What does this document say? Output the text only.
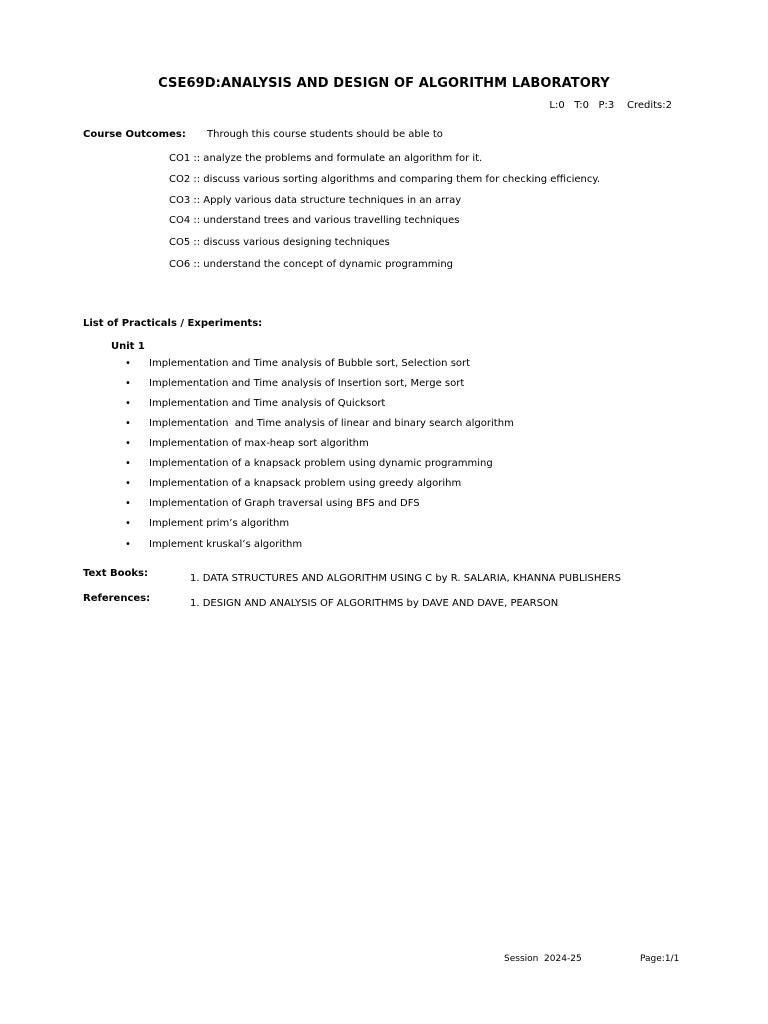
CSE69D:ANALYSIS AND DESIGN OF ALGORITHM LABORATORY
L:0   T:0   P:3    Credits:2
Course Outcomes: Through this course students should be able to
CO1 :: analyze the problems and formulate an algorithm for it.
CO2 :: discuss various sorting algorithms and comparing them for checking efficiency.
CO3 :: Apply various data structure techniques in an array
CO4 :: understand trees and various travelling techniques
CO5 :: discuss various designing techniques
CO6 :: understand the concept of dynamic programming
List of Practicals / Experiments:
Unit 1
• Implementation and Time analysis of Bubble sort, Selection sort
• Implementation and Time analysis of Insertion sort, Merge sort
• Implementation and Time analysis of Quicksort
• Implementation  and Time analysis of linear and binary search algorithm
• Implementation of max-heap sort algorithm
• Implementation of a knapsack problem using dynamic programming
• Implementation of a knapsack problem using greedy algorihm
• Implementation of Graph traversal using BFS and DFS
• Implement prim’s algorithm
• Implement kruskal’s algorithm
Text Books:	1. DATA STRUCTURES AND ALGORITHM USING C by R. SALARIA, KHANNA PUBLISHERS
References:	1. DESIGN AND ANALYSIS OF ALGORITHMS by DAVE AND DAVE, PEARSON
Session  2024-25	Page:1/1
